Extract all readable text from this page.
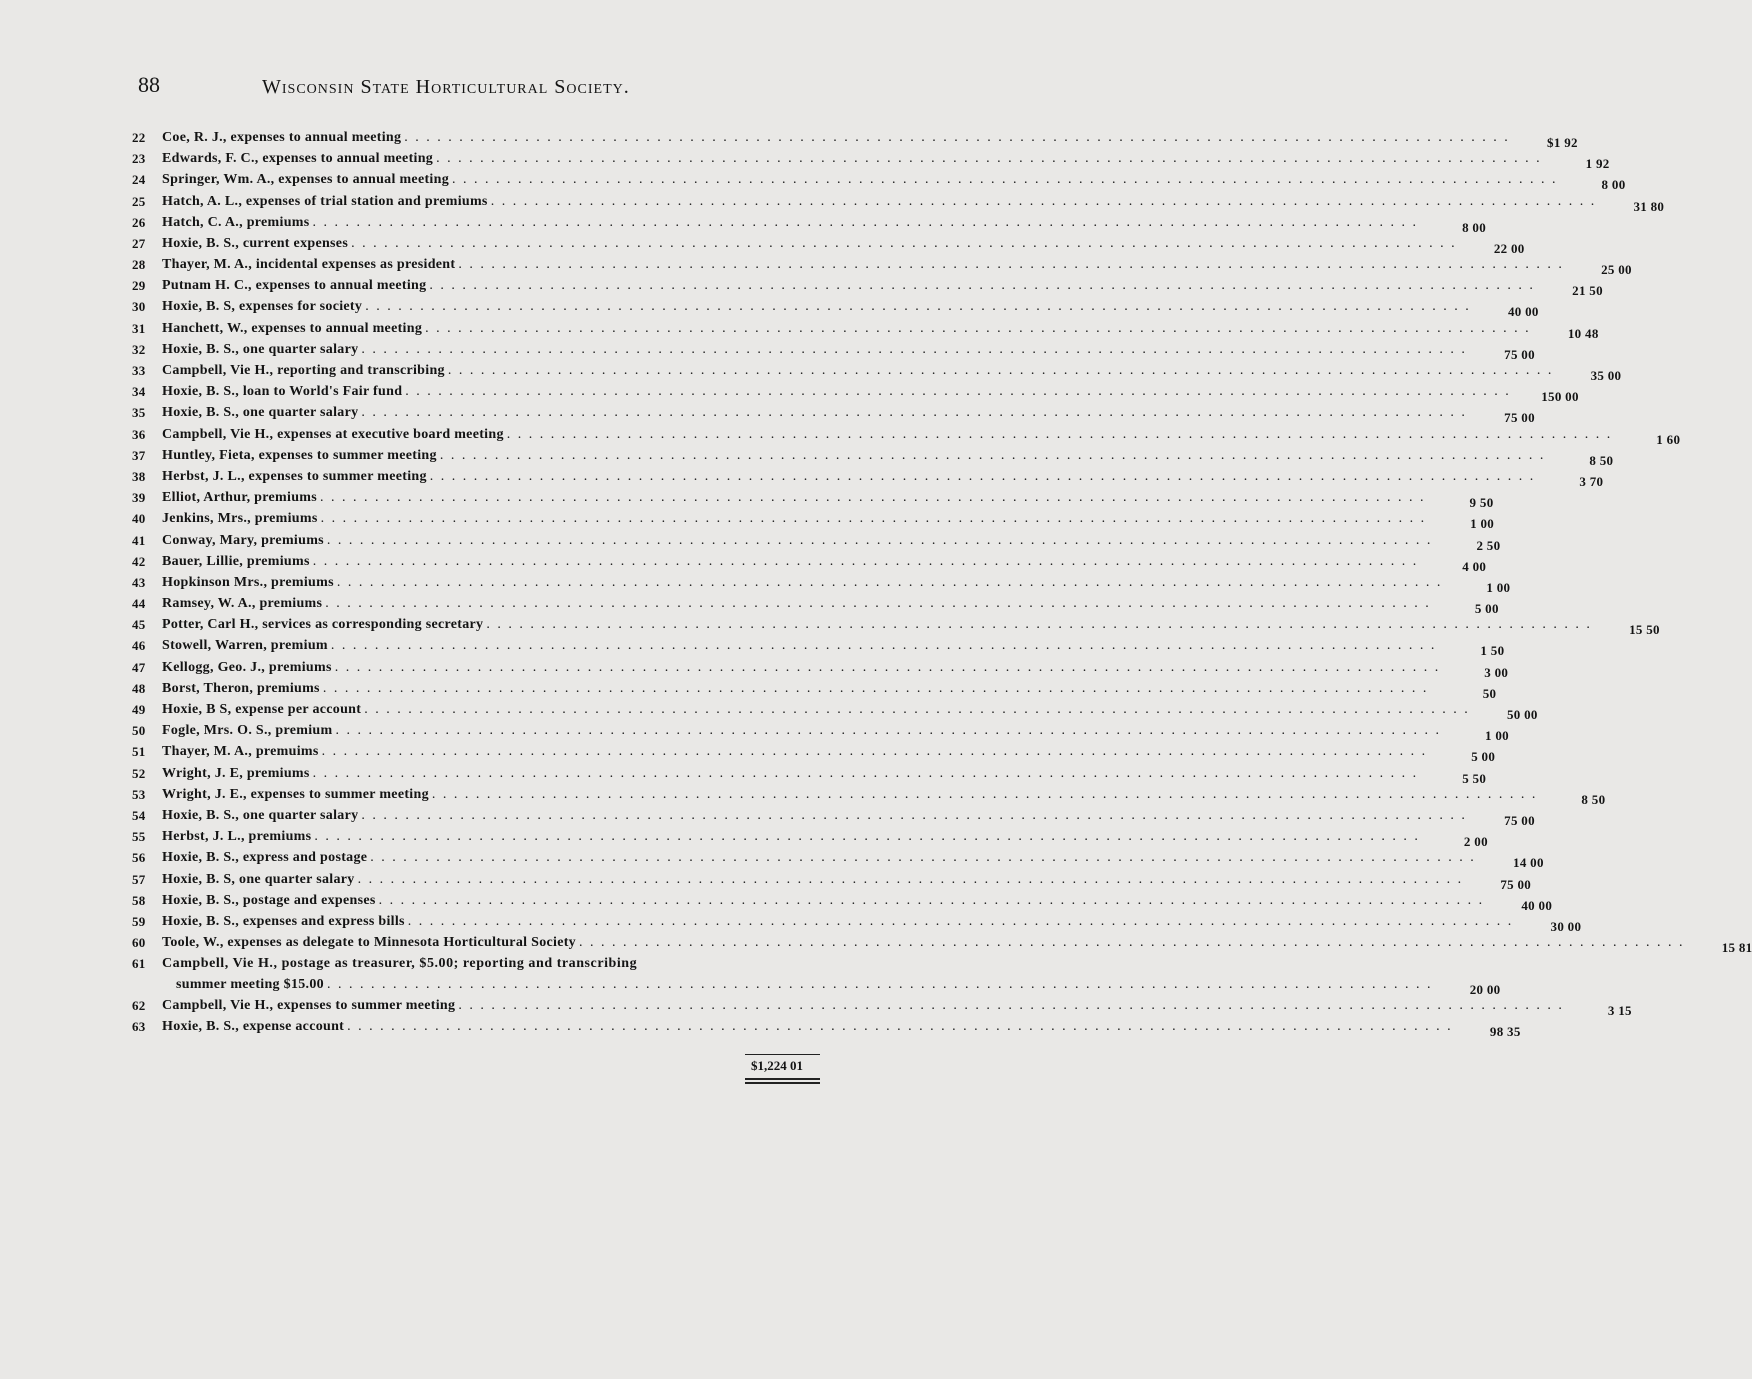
88	Wisconsin State Horticultural Society.
22	Coe, R. J., expenses to annual meeting . . .	$1 92
23	Edwards, F. C., expenses to annual meeting . . .	1 92
24	Springer, Wm. A., expenses to annual meeting . . .	8 00
25	Hatch, A. L., expenses of trial station and premiums . . .	31 80
26	Hatch, C. A., premiums . . .	8 00
27	Hoxie, B. S., current expenses . . .	22 00
28	Thayer, M. A., incidental expenses as president . . .	25 00
29	Putnam H. C., expenses to annual meeting . . .	21 50
30	Hoxie, B. S, expenses for society . . .	40 00
31	Hanchett, W., expenses to annual meeting . . .	10 48
32	Hoxie, B. S., one quarter salary . . .	75 00
33	Campbell, Vie H., reporting and transcribing . . .	35 00
34	Hoxie, B. S., loan to World's Fair fund . . .	150 00
35	Hoxie, B. S., one quarter salary . . .	75 00
36	Campbell, Vie H., expenses at executive board meeting . . .	1 60
37	Huntley, Fieta, expenses to summer meeting . . .	8 50
38	Herbst, J. L., expenses to summer meeting . . .	3 70
39	Elliot, Arthur, premiums . . .	9 50
40	Jenkins, Mrs., premiums . . .	1 00
41	Conway, Mary, premiums . . .	2 50
42	Bauer, Lillie, premiums . . .	4 00
43	Hopkinson Mrs., premiums . . .	1 00
44	Ramsey, W. A., premiums . . .	5 00
45	Potter, Carl H., services as corresponding secretary . . .	15 50
46	Stowell, Warren, premium . . .	1 50
47	Kellogg, Geo. J., premiums . . .	3 00
48	Borst, Theron, premiums . . .	50
49	Hoxie, B S, expense per account . . .	50 00
50	Fogle, Mrs. O. S., premium . . .	1 00
51	Thayer, M. A., premuims . . .	5 00
52	Wright, J. E, premiums . . .	5 50
53	Wright, J. E., expenses to summer meeting . . .	8 50
54	Hoxie, B. S., one quarter salary . . .	75 00
55	Herbst, J. L., premiums . . .	2 00
56	Hoxie, B. S., express and postage . . .	14 00
57	Hoxie, B. S, one quarter salary . . .	75 00
58	Hoxie, B. S., postage and expenses . . .	40 00
59	Hoxie, B. S., expenses and express bills . . .	30 00
60	Toole, W., expenses as delegate to Minnesota Horticultural Society . . .	15 81
61	Campbell, Vie H., postage as treasurer, $5.00; reporting and transcribing
summer meeting $15.00 . . .	20 00
62	Campbell, Vie H., expenses to summer meeting . . .	3 15
63	Hoxie, B. S., expense account . . .	98 35
$1,224 01
